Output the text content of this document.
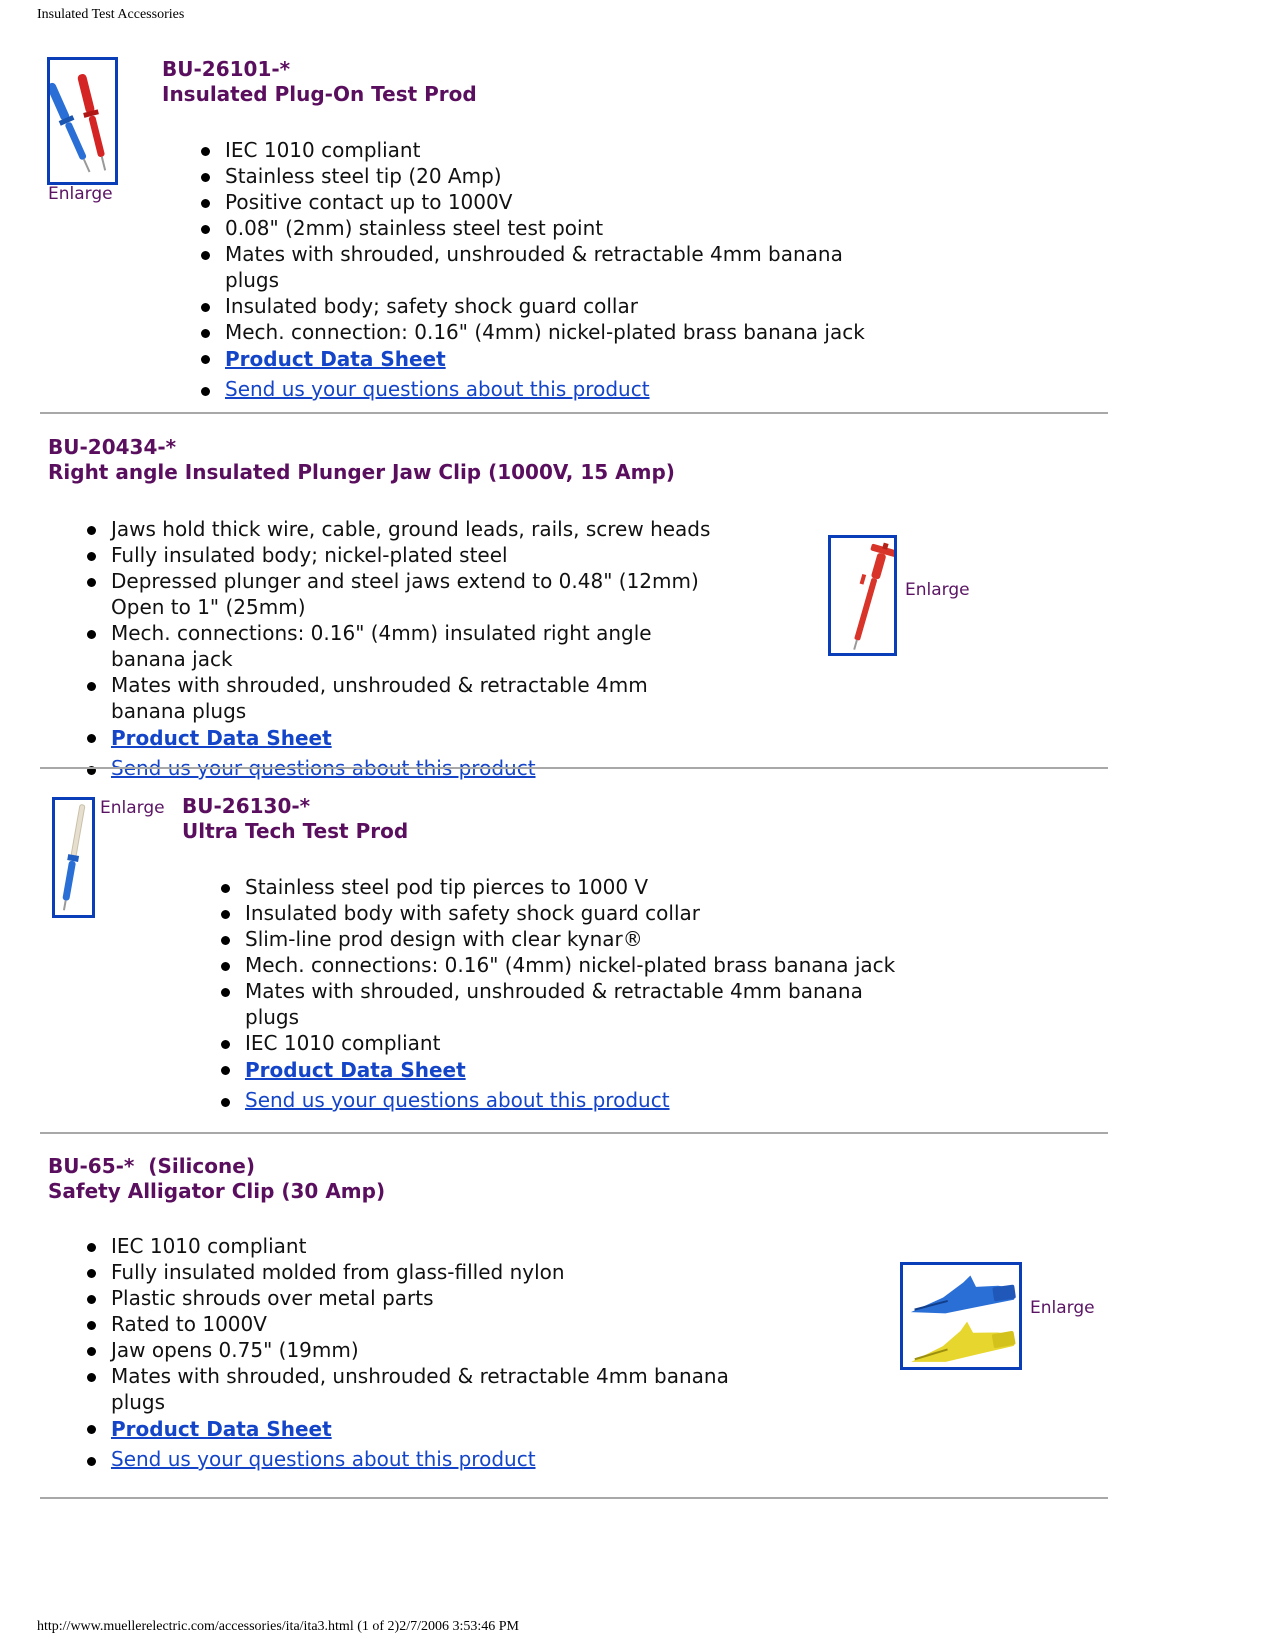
Insulated Test Accessories
Enlarge
BU-26101-*
Insulated Plug-On Test Prod
IEC 1010 compliant
Stainless steel tip (20 Amp)
Positive contact up to 1000V
0.08" (2mm) stainless steel test point
Mates with shrouded, unshrouded & retractable 4mm banana plugs
Insulated body; safety shock guard collar
Mech. connection: 0.16" (4mm) nickel-plated brass banana jack
Product Data Sheet
Send us your questions about this product
BU-20434-*
Right angle Insulated Plunger Jaw Clip (1000V, 15 Amp)
Jaws hold thick wire, cable, ground leads, rails, screw heads
Fully insulated body; nickel-plated steel
Depressed plunger and steel jaws extend to 0.48" (12mm) Open to 1" (25mm)
Mech. connections: 0.16" (4mm) insulated right angle banana jack
Mates with shrouded, unshrouded & retractable 4mm banana plugs
Product Data Sheet
Send us your questions about this product
Enlarge
Enlarge BU-26130-*
Ultra Tech Test Prod
Stainless steel pod tip pierces to 1000 V
Insulated body with safety shock guard collar
Slim-line prod design with clear kynar®
Mech. connections: 0.16" (4mm) nickel-plated brass banana jack
Mates with shrouded, unshrouded & retractable 4mm banana plugs
IEC 1010 compliant
Product Data Sheet
Send us your questions about this product
BU-65-*  (Silicone)
Safety Alligator Clip (30 Amp)
IEC 1010 compliant
Fully insulated molded from glass-filled nylon
Plastic shrouds over metal parts
Rated to 1000V
Jaw opens 0.75" (19mm)
Mates with shrouded, unshrouded & retractable 4mm banana plugs
Product Data Sheet
Send us your questions about this product
Enlarge
http://www.muellerelectric.com/accessories/ita/ita3.html (1 of 2)2/7/2006 3:53:46 PM
